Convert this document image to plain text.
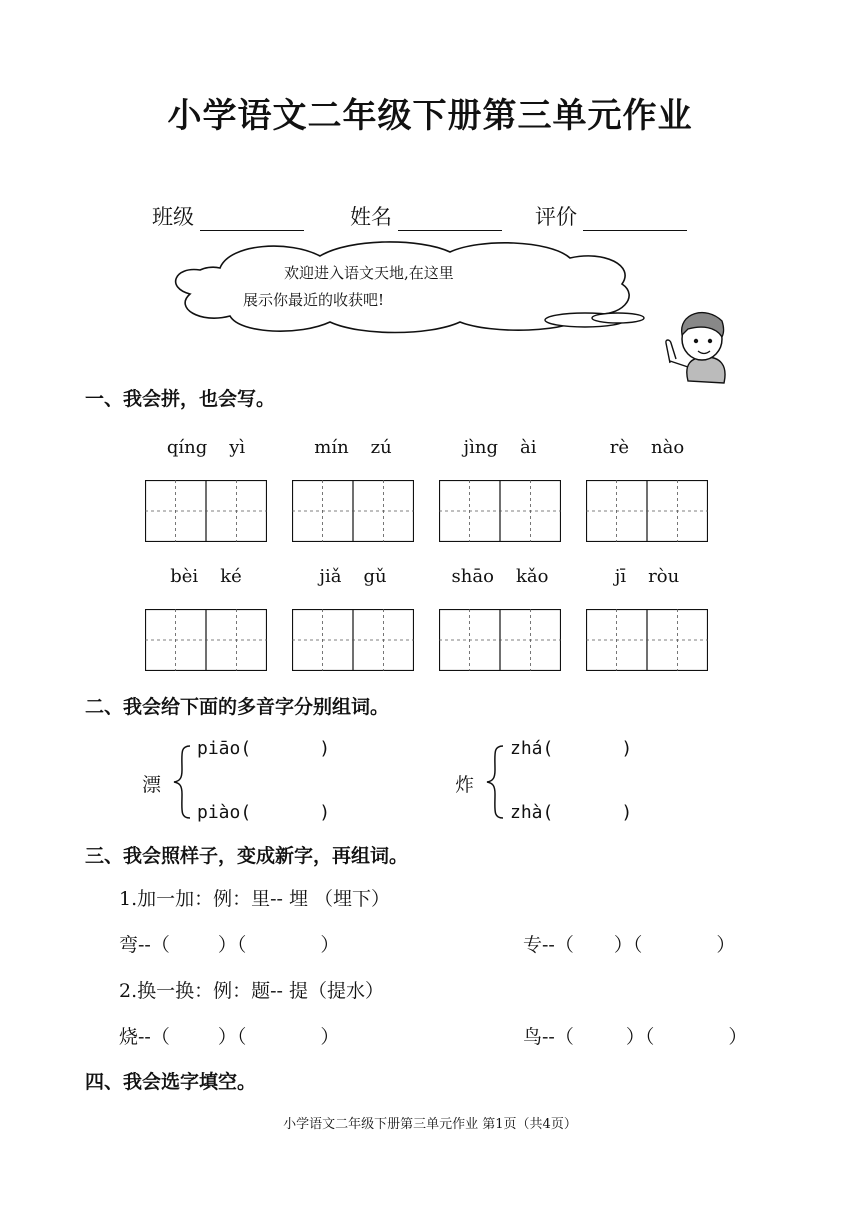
小学语文二年级下册第三单元作业
班级	姓名	评价
欢迎进入语文天地,在这里
展示你最近的收获吧!
一、我会拼，也会写。
qíng yì	mín zú	jìng ài	rè nào
bèi ké	jiǎ gǔ	shāo kǎo	jī ròu
二、我会给下面的多音字分别组词。
漂
piāo(	)
piào(	)
炸
zhá(	)
zhà(	)
三、我会照样子，变成新字，再组词。
1.加一加：例：里-- 埋 （埋下）
弯--（	）（	）	专--（ ）（	）
2.换一换：例：题-- 提（提水）
烧--（	）（	）	鸟--（	）（	）
四、我会选字填空。
小学语文二年级下册第三单元作业 第1页（共4页）
